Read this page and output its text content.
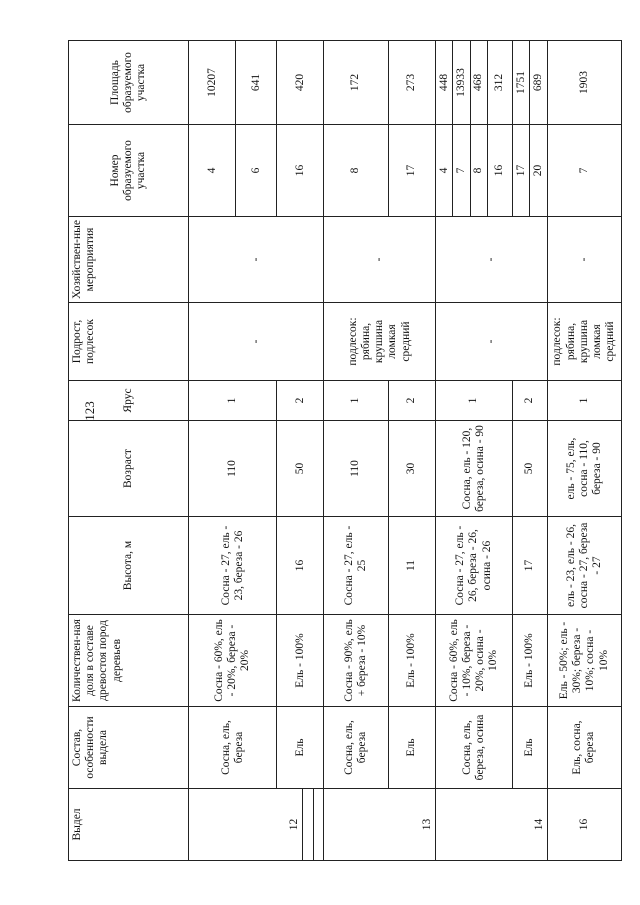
123
Выдел	Состав, особенности выдела	Количествен-ная доля в составе древостоя пород деревьев	Высота, м	Возраст	Ярус	Подрост, подлесок	Хозяйствен-ные мероприятия	Номер образуемого участка	Площадь образуемого участка
12	Сосна, ель, береза	Сосна - 60%, ель - 20%, береза - 20%	Сосна - 27, ель - 23, береза - 26	110	1	-	-	4	10207
								6	641
	Ель	Ель - 100%	16	50	2			16	420

13	Сосна, ель, береза	Сосна - 90%, ель + береза - 10%	Сосна - 27, ель - 25	110	1	подлесок: рябина, крушина ломкая средний	-	8	172
	Ель	Ель - 100%	11	30	2			17	273
14	Сосна, ель, береза, осина	Сосна - 60%, ель - 10%, береза - 20%, осина - 10%	Сосна - 27, ель - 26, береза - 26, осина - 26	Сосна, ель - 120, береза, осина - 90	1	-	-	4	448
								7	13933
								8	468
								16	312
	Ель	Ель - 100%	17	50	2			17	1751
								20	689
16	Ель, сосна, береза	Ель - 50%; ель - 30%; береза - 10%; сосна - 10%	ель - 23, ель - 26, сосна - 27, береза - 27	ель - 75, ель, сосна - 110, береза - 90	1	подлесок: рябина, крушина ломкая средний	-	7	1903
